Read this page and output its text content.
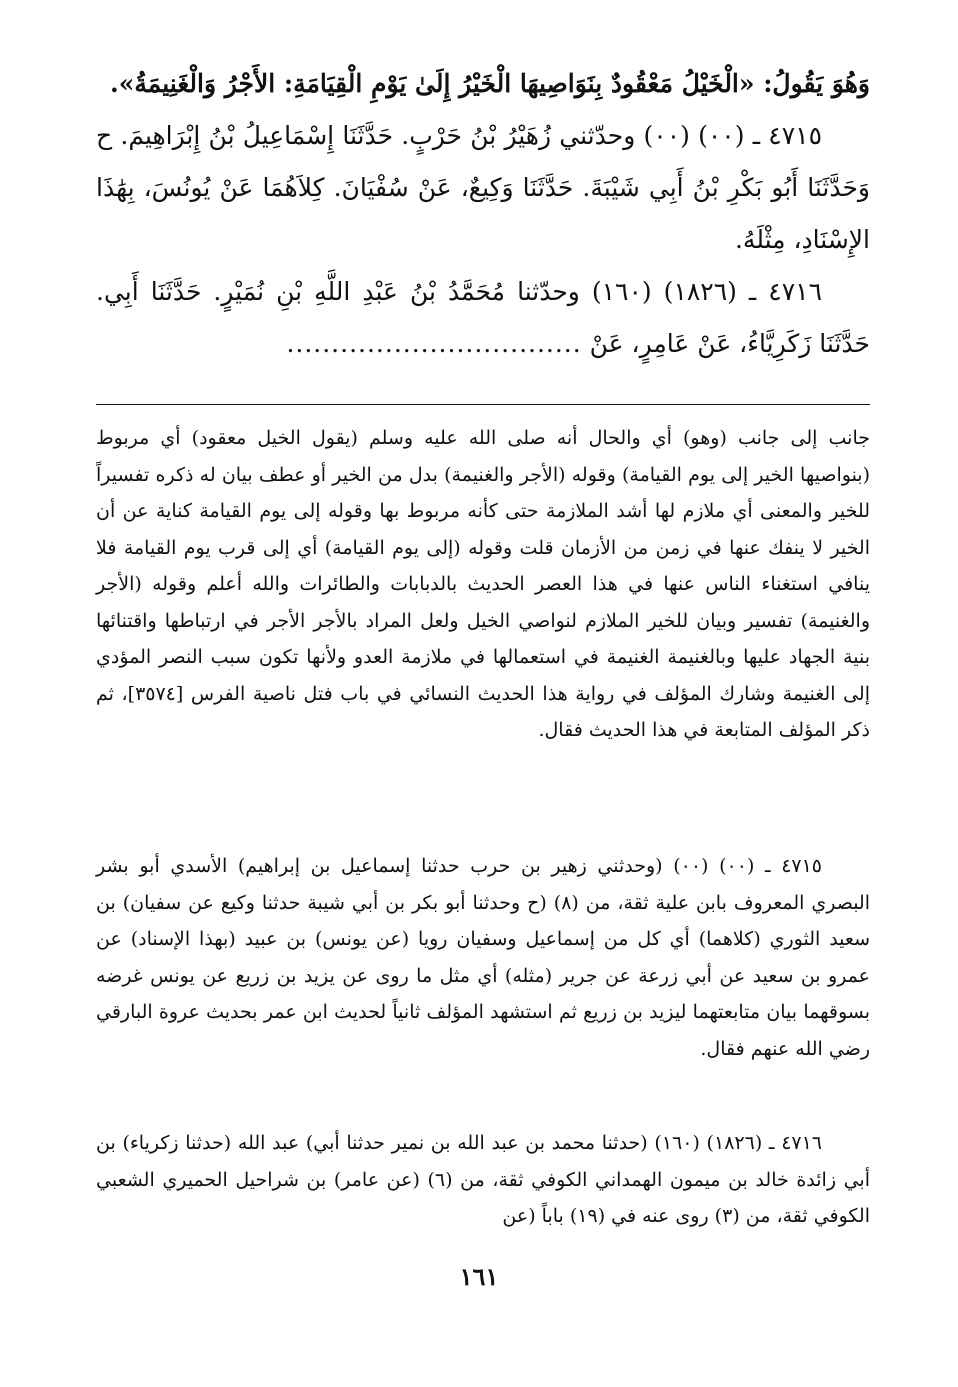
وَهُوَ يَقُولُ: «الْخَيْلُ مَعْقُودٌ بِنَوَاصِيهَا الْخَيْرُ إِلَىٰ يَوْمِ الْقِيَامَةِ: الأَجْرُ وَالْغَنِيمَةُ».

٤٧١٥ ـ (٠٠) (٠٠) وحدّثني زُهَيْرُ بْنُ حَرْبٍ. حَدَّثَنَا إِسْمَاعِيلُ بْنُ إِبْرَاهِيمَ. ح وَحَدَّثَنَا أَبُو بَكْرِ بْنُ أَبِي شَيْبَةَ. حَدَّثَنَا وَكِيعٌ، عَنْ سُفْيَانَ. كِلاَهُمَا عَنْ يُونُسَ، بِهَٰذَا الإِسْنَادِ، مِثْلَهُ.

٤٧١٦ ـ (١٨٢٦) (١٦٠) وحدّثنا مُحَمَّدُ بْنُ عَبْدِ اللَّهِ بْنِ نُمَيْرٍ. حَدَّثَنَا أَبِي. حَدَّثَنَا زَكَرِيَّاءُ، عَنْ عَامِرٍ، عَنْ .................................

جانب إلى جانب (وهو) أي والحال أنه صلى الله عليه وسلم (يقول الخيل معقود) أي مربوط (بنواصيها الخير إلى يوم القيامة) وقوله (الأجر والغنيمة) بدل من الخير أو عطف بيان له ذكره تفسيراً للخير والمعنى أي ملازم لها أشد الملازمة حتى كأنه مربوط بها وقوله إلى يوم القيامة كناية عن أن الخير لا ينفك عنها في زمن من الأزمان قلت وقوله (إلى يوم القيامة) أي إلى قرب يوم القيامة فلا ينافي استغناء الناس عنها في هذا العصر الحديث بالدبابات والطائرات والله أعلم وقوله (الأجر والغنيمة) تفسير وبيان للخير الملازم لنواصي الخيل ولعل المراد بالأجر الأجر في ارتباطها واقتنائها بنية الجهاد عليها وبالغنيمة الغنيمة في استعمالها في ملازمة العدو ولأنها تكون سبب النصر المؤدي إلى الغنيمة وشارك المؤلف في رواية هذا الحديث النسائي في باب فتل ناصية الفرس [٣٥٧٤]، ثم ذكر المؤلف المتابعة في هذا الحديث فقال.

٤٧١٥ ـ (٠٠) (٠٠) (وحدثني زهير بن حرب حدثنا إسماعيل بن إبراهيم) الأسدي أبو بشر البصري المعروف بابن علية ثقة، من (٨) (ح وحدثنا أبو بكر بن أبي شيبة حدثنا وكيع عن سفيان) بن سعيد الثوري (كلاهما) أي كل من إسماعيل وسفيان رويا (عن يونس) بن عبيد (بهذا الإسناد) عن عمرو بن سعيد عن أبي زرعة عن جرير (مثله) أي مثل ما روى عن يزيد بن زريع عن يونس غرضه بسوقهما بيان متابعتهما ليزيد بن زريع ثم استشهد المؤلف ثانياً لحديث ابن عمر بحديث عروة البارقي رضي الله عنهم فقال.

٤٧١٦ ـ (١٨٢٦) (١٦٠) (حدثنا محمد بن عبد الله بن نمير حدثنا أبي) عبد الله (حدثنا زكرياء) بن أبي زائدة خالد بن ميمون الهمداني الكوفي ثقة، من (٦) (عن عامر) بن شراحيل الحميري الشعبي الكوفي ثقة، من (٣) روى عنه في (١٩) باباً (عن

١٦١
